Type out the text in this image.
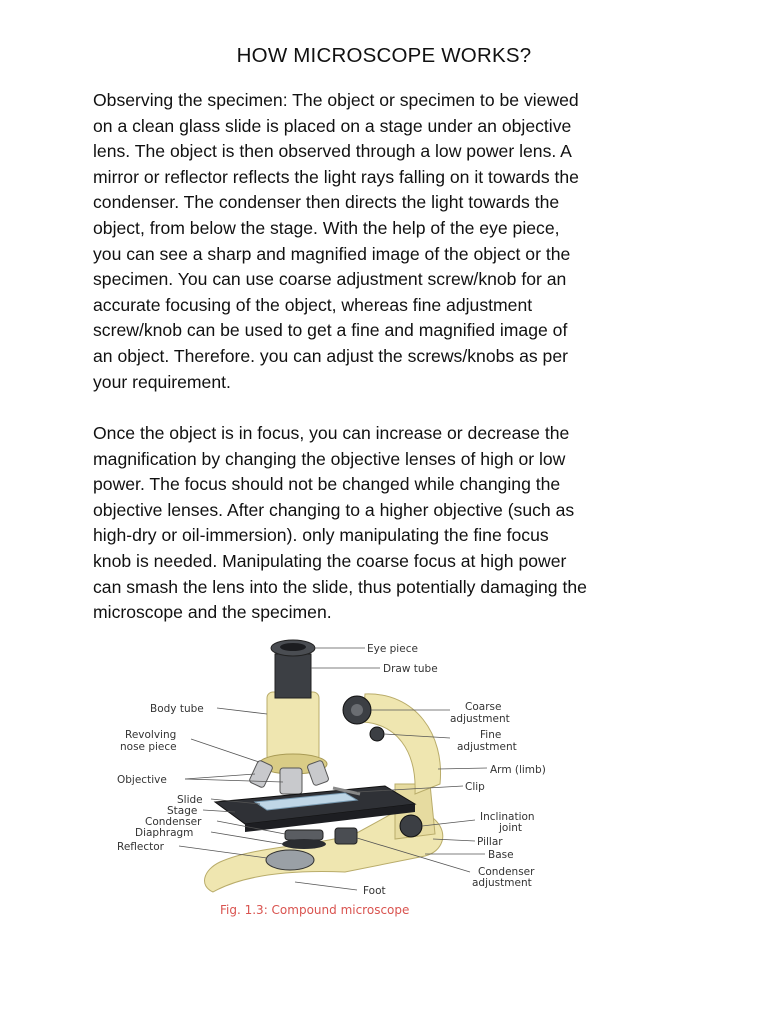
HOW MICROSCOPE WORKS?
Observing the specimen: The object or specimen to be viewed
on a clean glass slide is placed on a stage under an objective
lens. The object is then observed through a low power lens. A
mirror or reflector reflects the light rays falling on it towards the
condenser. The condenser then directs the light towards the
object, from below the stage. With the help of the eye piece,
you can see a sharp and magnified image of the object or the
specimen. You can use coarse adjustment screw/knob for an
accurate focusing of the object, whereas fine adjustment
screw/knob can be used to get a fine and magnified image of
an object. Therefore. you can adjust the screws/knobs as per
your requirement.
Once the object is in focus, you can increase or decrease the
magnification by changing the objective lenses of high or low
power. The focus should not be changed while changing the
objective lenses. After changing to a higher objective (such as
high-dry or oil-immersion). only manipulating the fine focus
knob is needed. Manipulating the coarse focus at high power
can smash the lens into the slide, thus potentially damaging the
microscope and the specimen.
Eye piece
Draw tube
Body tube	Coarse
adjustment
Revolving
nose piece
Fine
adjustment
Objective
Arm (limb)
Slide
Clip
Stage
Condenser	Inclination
joint
Diaphragm
Pillar
Reflector
Base
Condenser
adjustment
Foot
Fig. 1.3: Compound microscope
